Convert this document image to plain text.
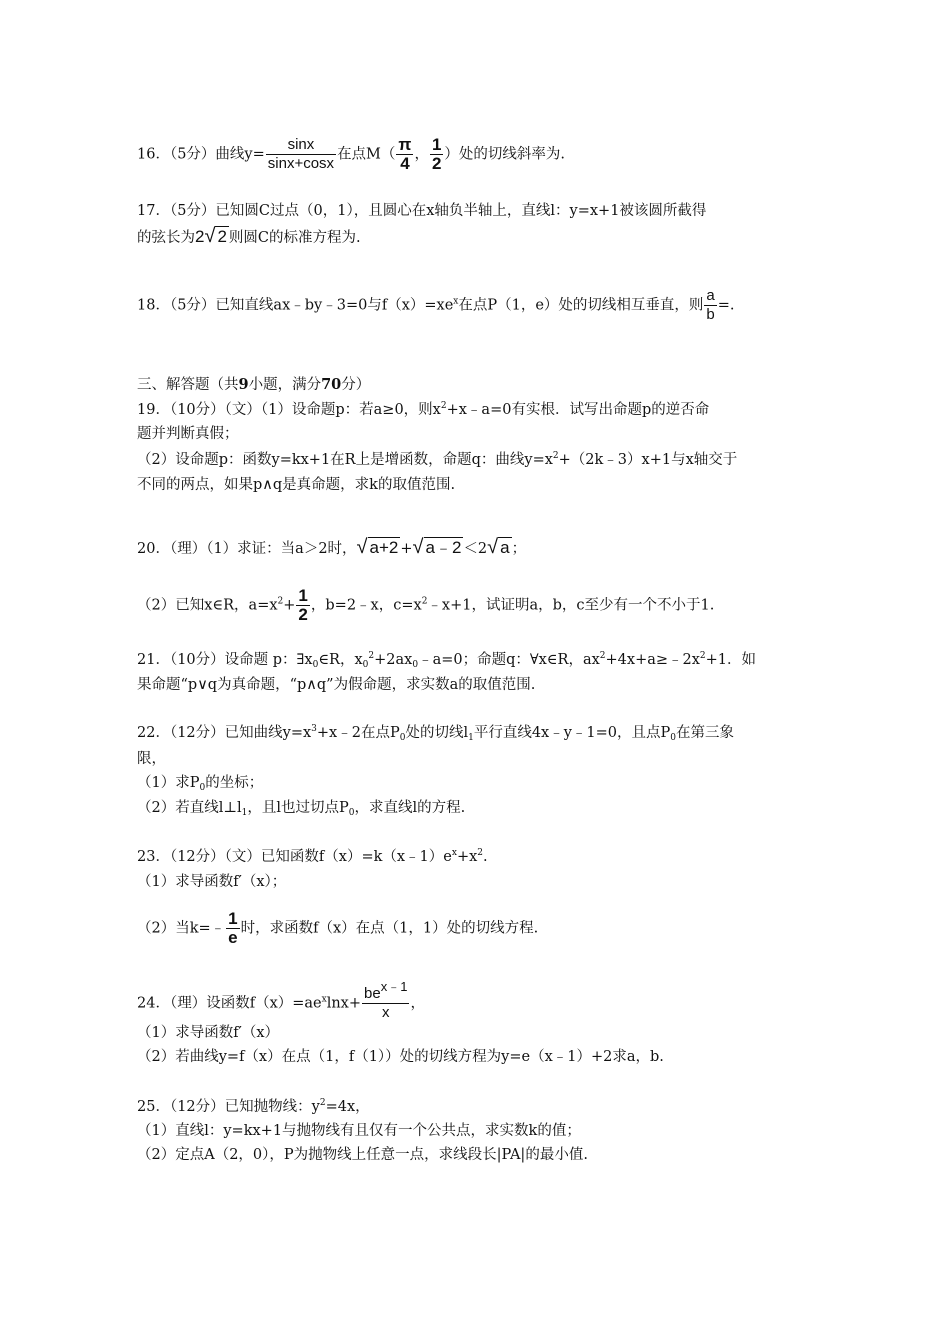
16．（5分）曲线$y= \frac{\sin x}{\sin x+\cos x}$ 在点$M( \frac{\pi}{4}$ ， $\frac{1}{2}$ ）处的切线斜率为.
17．（5分）已知圆C过点（0，1），且圆心在x轴负半轴上，直线l：y=x+1被该圆所截得
的弦长为2√ 2 则圆C的标准方程为.
18．（5分）已知直线ax﹣by﹣3=0与$f(x)=xe^x$在点P（1，e）处的切线相互垂直，则 $\frac{a}{b}$ =.
三、解答题（共9小题，满分70分）
19．（10分）（文）（1）设命题p：若a≥0，则$x^2+x﹣a=0$有实根．试写出命题p的逆否命
题并判断真假；
（2）设命题p：函数y=kx+1在R上是增函数，命题q：曲线$y=x^2+(2k﹣3)x+1$与x轴交于
不同的两点，如果p∧q是真命题，求k的取值范围.
20．（理）（1）求证：当a＞2时，√ a+2 +√ a﹣2 ＜2√ a ；
（2）已知x∈R，$a=x^2+ \frac{1}{2}$ ，b=2﹣x，$c=x^2﹣x+1$，试证明a，b，c至少有一个不小于1.
21．（10分）设命题 p：$\exists x_0\in R$，$x_0^2+2ax_0﹣a=0$；命题q：∀x∈R，$ax^2+4x+a\ge﹣2x^2+1$．如
果命题“p∨q为真命题，“p∧q”为假命题，求实数a的取值范围.
22．（12分）已知曲线$y=x^3+x﹣2$在点$P_0$处的切线$l_1$平行直线4x﹣y﹣1=0，且点$P_0$在第三象
限，
（1）求$P_0$的坐标；
（2）若直线$l\perp l_1$，且l也过切点$P_0$，求直线l的方程.
23．（12分）（文）已知函数$f(x)=k(x﹣1)e^x+x^2$.
（1）求导函数f′（x）；
（2）当k=﹣ $\frac{1}{e}$ 时，求函数f（x）在点（1，1）处的切线方程.
24．（理）设函数$f(x)=ae^x\ln x+ \frac{be^{x﹣1}}{x}$ ，
（1）求导函数f′（x）
（2）若曲线y=f（x）在点（1，f（1））处的切线方程为y=e（x﹣1）+2求a，b.
25．（12分）已知抛物线：$y^2=4x$，
（1）直线l：y=kx+1与抛物线有且仅有一个公共点，求实数k的值；
（2）定点A（2，0），P为抛物线上任意一点，求线段长|PA|的最小值.
